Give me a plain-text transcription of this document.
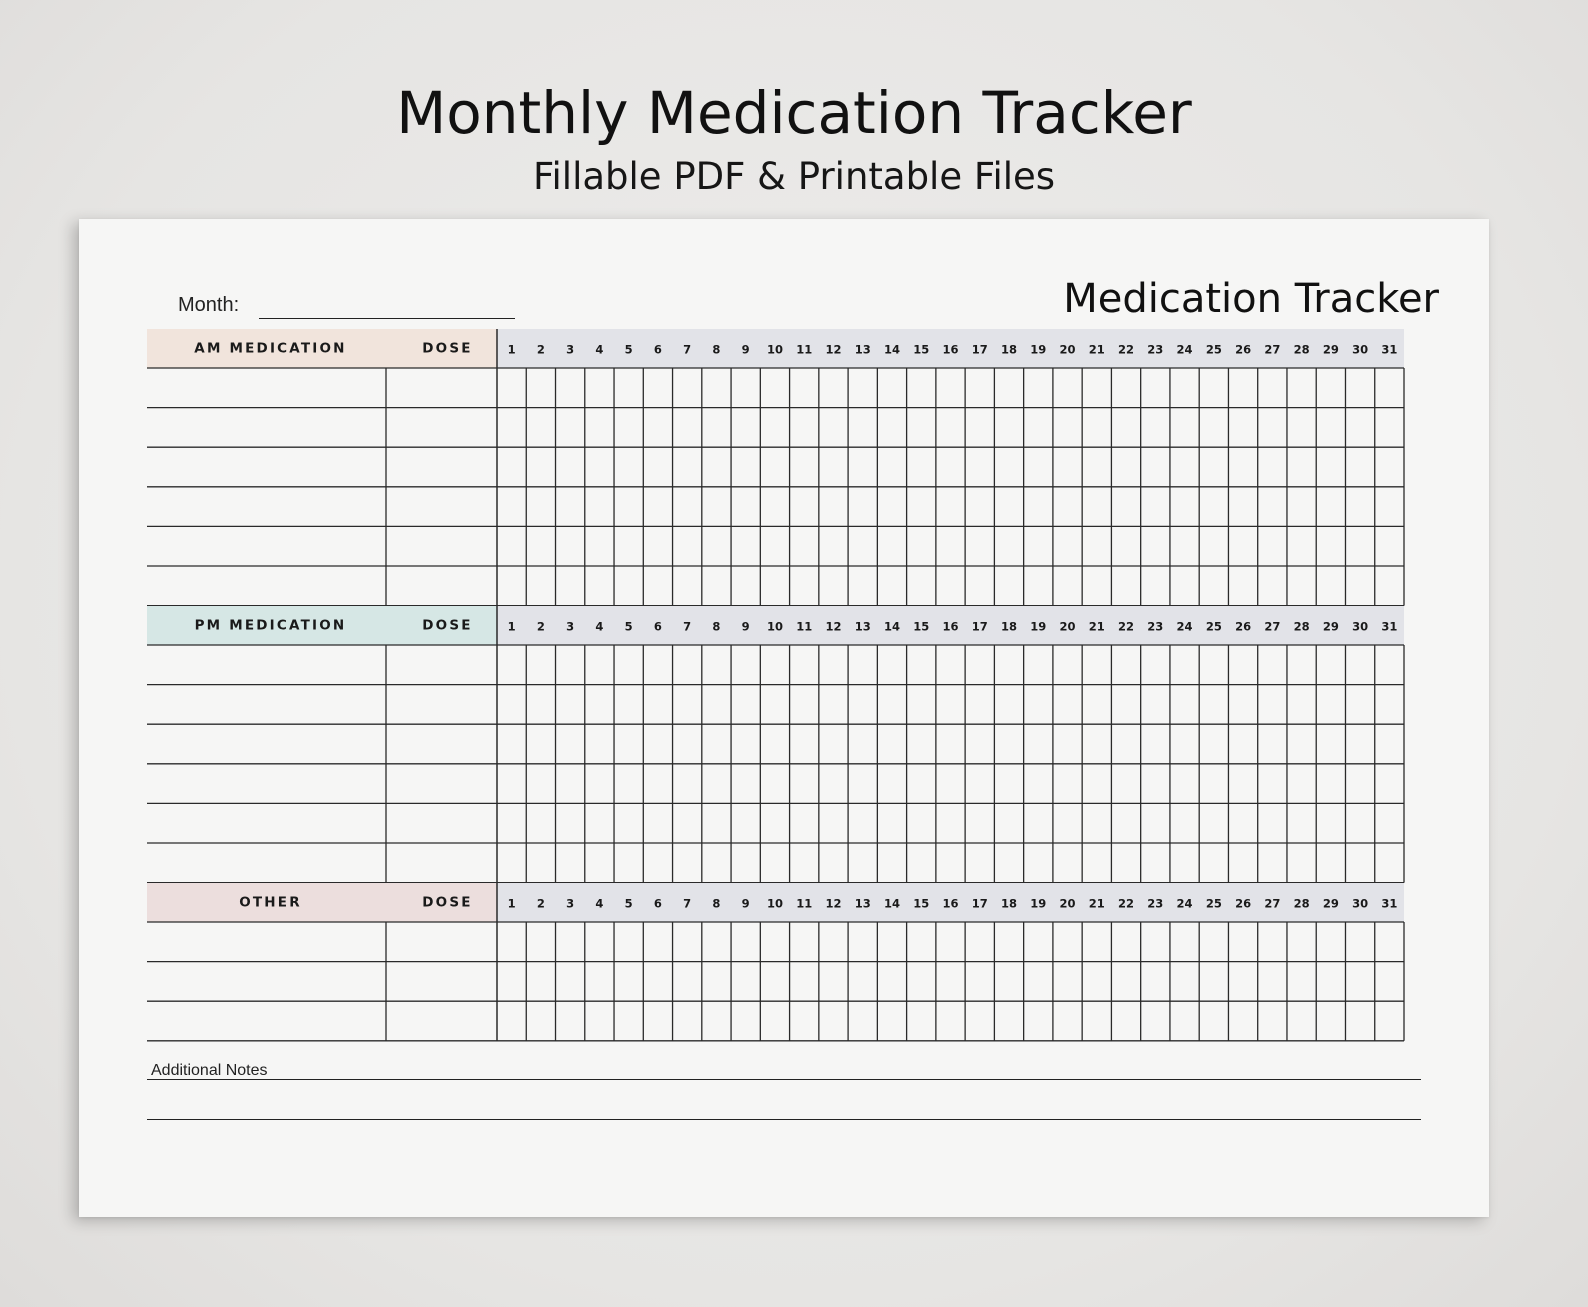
Monthly Medication Tracker
Fillable PDF & Printable Files
Month:	Medication Tracker
AM MEDICATION	DOSE	1 2 3 4 5 6 7 8 9 10 11 12 13 14 15 16 17 18 19 20 21 22 23 24 25 26 27 28 29 30 31
PM MEDICATION	DOSE	1 2 3 4 5 6 7 8 9 10 11 12 13 14 15 16 17 18 19 20 21 22 23 24 25 26 27 28 29 30 31
OTHER	DOSE	1 2 3 4 5 6 7 8 9 10 11 12 13 14 15 16 17 18 19 20 21 22 23 24 25 26 27 28 29 30 31
Additional Notes
